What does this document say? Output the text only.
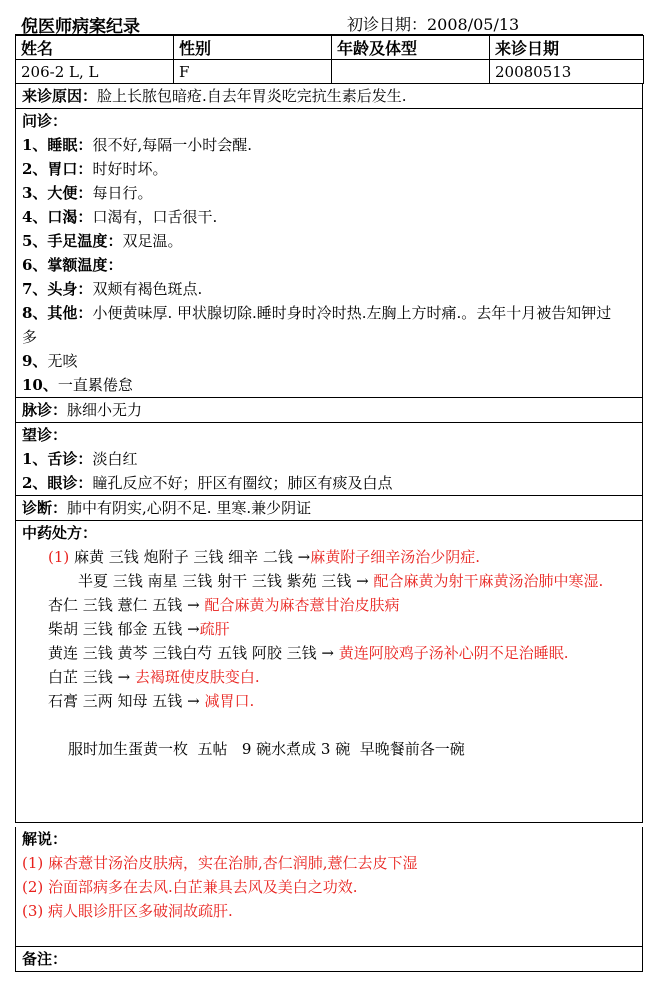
倪医师病案纪录	初诊日期：2008/05/13
姓名	性别	年龄及体型	来诊日期
206-2 L, L	F		20080513
来诊原因：脸上长脓包暗疮.自去年胃炎吃完抗生素后发生.
问诊：
1、睡眠：很不好,每隔一小时会醒.
2、胃口：时好时坏。
3、大便：每日行。
4、口渴：口渴有，口舌很干.
5、手足温度：双足温。
6、掌额温度：
7、头身：双颊有褐色斑点.
8、其他：小便黄味厚. 甲状腺切除.睡时身时冷时热.左胸上方时痛.。去年十月被告知钾过多
9、无咳
10、一直累倦怠
脉诊：脉细小无力
望诊：
1、舌诊：淡白红
2、眼诊：瞳孔反应不好；肝区有圈纹；肺区有痰及白点
诊断：肺中有阴实,心阴不足. 里寒.兼少阴证
中药处方：
(1) 麻黄 三钱 炮附子 三钱 细辛 二钱 →麻黄附子细辛汤治少阴症.
半夏 三钱 南星 三钱 射干 三钱 紫苑 三钱 → 配合麻黄为射干麻黄汤治肺中寒湿.
杏仁 三钱 薏仁 五钱 → 配合麻黄为麻杏薏甘治皮肤病
柴胡 三钱 郁金 五钱 →疏肝
黄连 三钱 黄芩 三钱白芍 五钱 阿胶 三钱 → 黄连阿胶鸡子汤补心阴不足治睡眠.
白芷 三钱 → 去褐斑使皮肤变白.
石膏 三两 知母 五钱 → 减胃口.
服时加生蛋黄一枚  五帖   9 碗水煮成 3 碗  早晚餐前各一碗
解说：
(1) 麻杏薏甘汤治皮肤病，实在治肺,杏仁润肺,薏仁去皮下湿
(2) 治面部病多在去风.白芷兼具去风及美白之功效.
(3) 病人眼诊肝区多破洞故疏肝.
备注：
